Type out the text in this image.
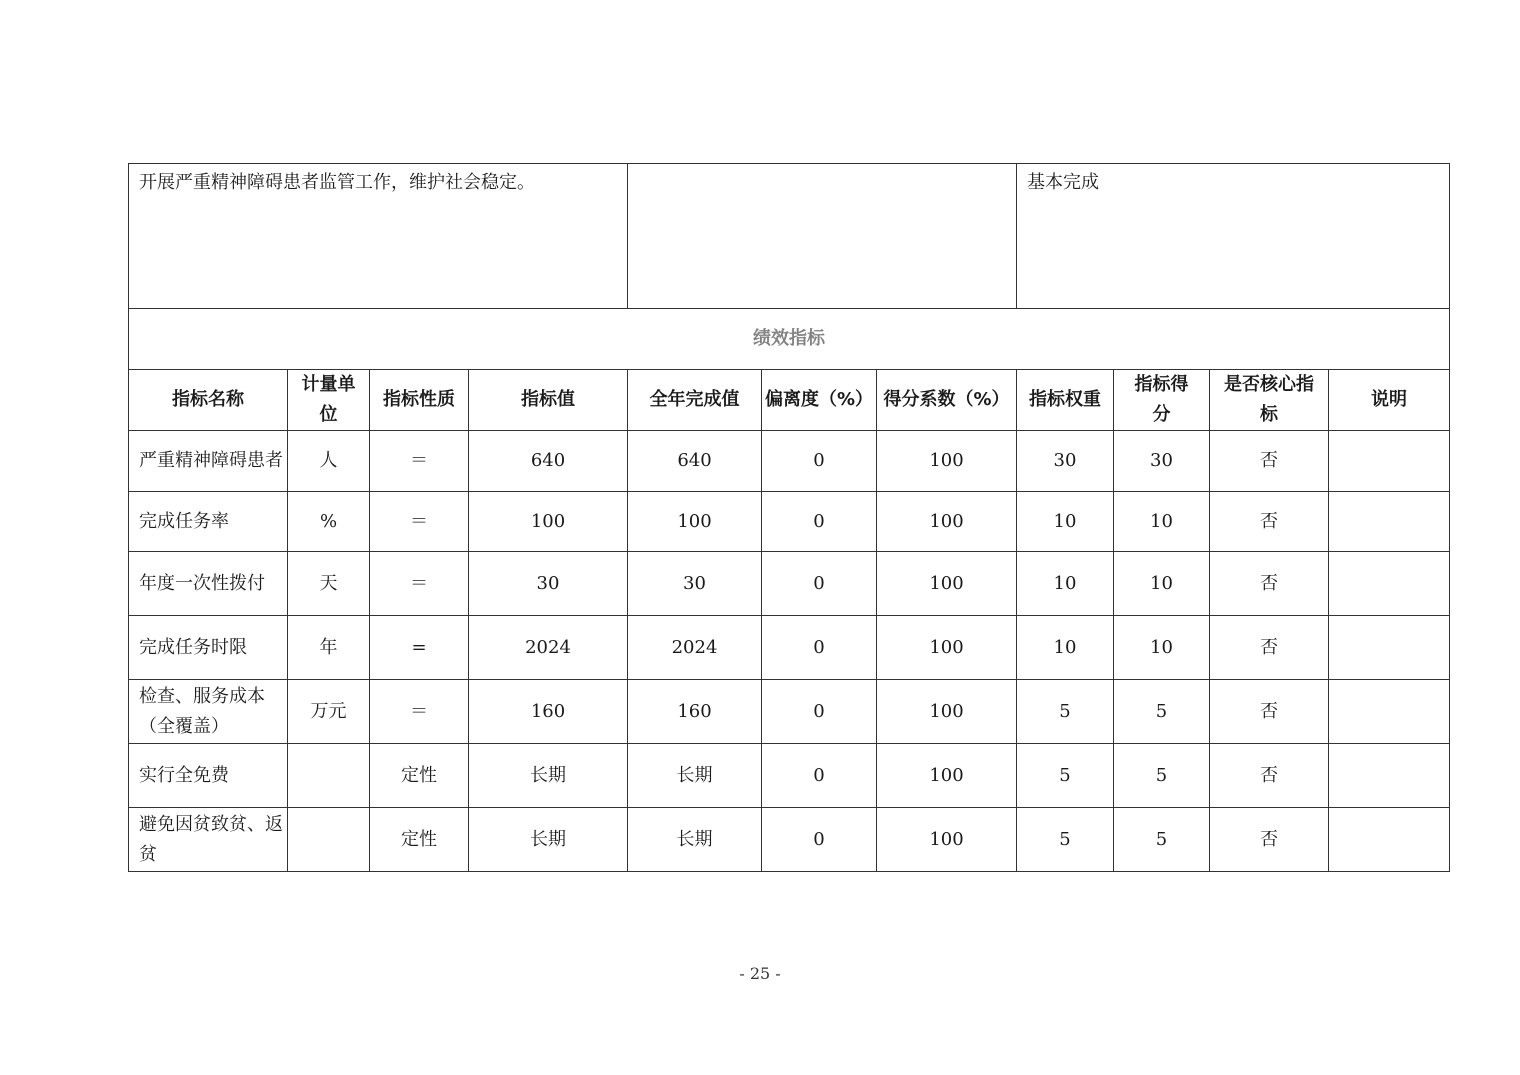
开展严重精神障碍患者监管工作，维护社会稳定。							基本完成			
绩效指标										
指标名称	计量单位	指标性质	指标值	全年完成值	偏离度（%）	得分系数（%）	指标权重	指标得分	是否核心指标	说明
严重精神障碍患者	人	＝	640	640	0	100	30	30	否	
完成任务率	%	＝	100	100	0	100	10	10	否	
年度一次性拨付	天	＝	30	30	0	100	10	10	否	
完成任务时限	年	=	2024	2024	0	100	10	10	否	
检查、服务成本（全覆盖）	万元	＝	160	160	0	100	5	5	否	
实行全免费		定性	长期	长期	0	100	5	5	否	
避免因贫致贫、返贫		定性	长期	长期	0	100	5	5	否	
- 25 -
